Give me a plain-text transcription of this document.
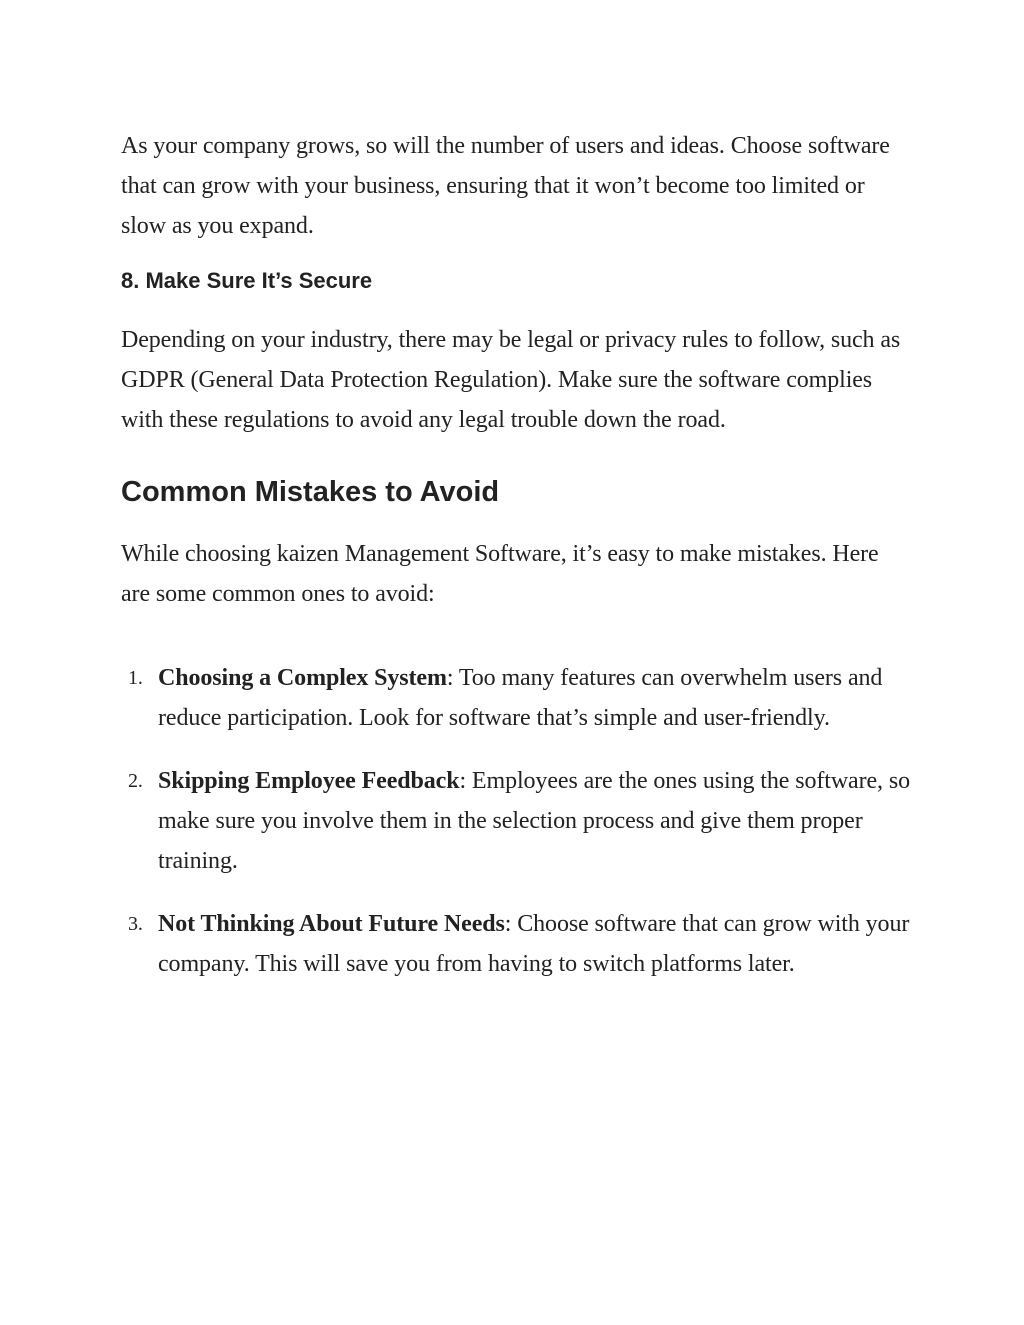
As your company grows, so will the number of users and ideas. Choose software that can grow with your business, ensuring that it won’t become too limited or slow as you expand.

8. Make Sure It’s Secure

Depending on your industry, there may be legal or privacy rules to follow, such as GDPR (General Data Protection Regulation). Make sure the software complies with these regulations to avoid any legal trouble down the road.

Common Mistakes to Avoid

While choosing kaizen Management Software, it’s easy to make mistakes. Here are some common ones to avoid:

1. Choosing a Complex System: Too many features can overwhelm users and reduce participation. Look for software that’s simple and user-friendly.
2. Skipping Employee Feedback: Employees are the ones using the software, so make sure you involve them in the selection process and give them proper training.
3. Not Thinking About Future Needs: Choose software that can grow with your company. This will save you from having to switch platforms later.
